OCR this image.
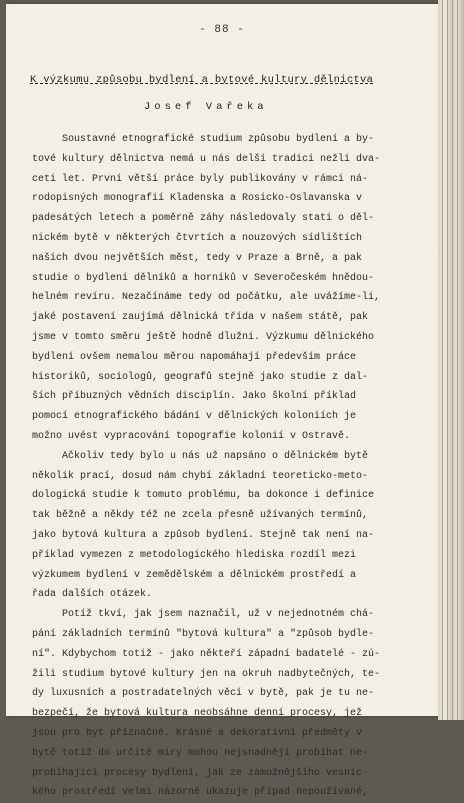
- 88 -
K výzkumu způsobu bydlení a bytové kultury dělnictva
Josef Vařeka
Soustavné etnografické studium způsobu bydlení a by-
tové kultury dělnictva nemá u nás delší tradici nežli dva-
ceti let. První větší práce byly publikovány v rámci ná-
rodopisných monografií Kladenska a Rosicko-Oslavanska v
padesátých letech a poměrně záhy následovaly stati o děl-
nickém bytě v některých čtvrtích a nouzových sídlištích
našich dvou největších měst, tedy v Praze a Brně, a pak
studie o bydlení dělníků a horníků v Severočeském hnědou-
helném revíru. Nezačínáme tedy od počátku, ale uvážíme-li,
jaké postavení zaujímá dělnická třída v našem státě, pak
jsme v tomto směru ještě hodně dlužni. Výzkumu dělnického
bydlení ovšem nemalou měrou napomáhají především práce
historiků, sociologů, geografů stejně jako studie z dal-
ších příbuzných vědních disciplín. Jako školní příklad
pomocí etnografického bádání v dělnických koloniích je
možno uvést vypracování topografie kolonií v Ostravě.
Ačkoliv tedy bylo u nás už napsáno o dělnickém bytě
několik prací, dosud nám chybí základní teoreticko-meto-
dologická studie k tomuto problému, ba dokonce i definice
tak běžně a někdy též ne zcela přesně užívaných termínů,
jako bytová kultura a způsob bydlení. Stejně tak není na-
příklad vymezen z metodologického hlediska rozdíl mezi
výzkumem bydlení v zemědělském a dělnickém prostředí a
řada dalších otázek.
Potíž tkví, jak jsem naznačil, už v nejednotném chá-
pání základních termínů "bytová kultura" a "způsob bydle-
ní". Kdybychom totiž - jako někteří západní badatelé - zú-
žili studium bytové kultury jen na okruh nadbytečných, te-
dy luxusních a postradatelných věcí v bytě, pak je tu ne-
bezpečí, že bytová kultura neobsáhne denní procesy, jež
jsou pro byt příznačné. Krásné a dekorativní předměty v
bytě totiž do určité míry mohou nejsnadněji probíhat ne-
probíhající procesy bydlení, jak ze zámožnějšího vesnic-
kého prostředí velmi názorně ukazuje případ nepoužívané,
